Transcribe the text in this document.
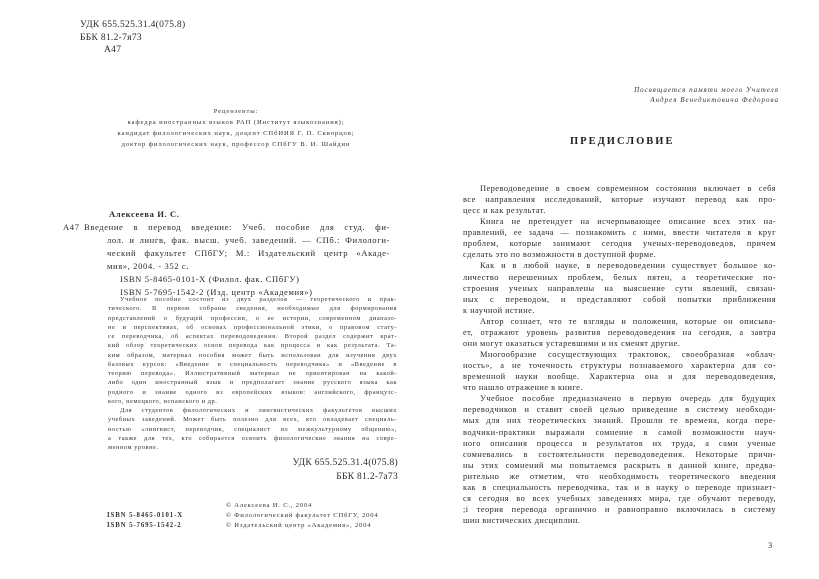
УДК 655.525.31.4(075.8)
ББК 81.2-7я73
А47
Рецензенты:
кафедра иностранных языков РАН (Институт языкознания);
кандидат филологических наук, доцент СПбИИЯ Г. П. Скворцов;
доктор филологических наук, профессор СПбГУ В. И. Шайдин
Алексеева И. С.
А47 Введение в перевод введение: Учеб. пособие для студ. фи-
лол. и лингв, фак. высш. учеб. заведений. — СПб.: Филологи-
ческий факультет СПбГУ; М.: Издательский центр «Акаде-
мия», 2004. - 352 с.
ISBN 5-8465-0101-X (Филол. фак. СПбГУ)
ISBN 5-7695-1542-2 (Изд. центр «Академия»)
Учебное пособие состоит из двух разделов — теоретического и прак-
тического. В первом собраны сведения, необходимые для формирования
представлений о будущей профессии, о ее истории, современном диапазо-
не и перспективах, об основах профессиональной этики, о правовом стату-
се переводчика, об аспектах переводоведения. Второй раздел содержит крат-
кий обзор теоретических основ перевода как процесса и как результата. Та-
ким образом, материал пособия может быть использован для изучения двух
базовых курсов: «Введение в специальность переводчика» и «Введение в
теорию перевода». Иллюстративный материал не ориентирован на какой-
либо один иностранный язык и предполагает знание русского языка как
родного и знание одного из европейских языков: английского, французс-
кого, немецкого, испанского и др.
Для студентов филологических и лингвистических факультетов высших
учебных заведений. Может быть полезно для всех, кто овладевает специаль-
ностью «лингвист, переводчик, специалист по межкультурному общению»,
а также для тех, кто собирается освоить филологические знания на совре-
менном уровне.
УДК 655.525.31.4(075.8)
ББК 81.2-7а73
ISBN 5-8465-0101-X
ISBN 5-7695-1542-2
© Алексеева И. С., 2004
© Филологический факультет СПбГУ, 2004
© Издательский центр «Академия», 2004
Посвящается памяти моего Учителя
Андрея Венедиктовича Федорова
ПРЕДИСЛОВИЕ
Переводоведение в своем современном состоянии включает в себя
все направления исследований, которые изучают перевод как про-
цесс и как результат.
Книга не претендует на исчерпывающее описание всех этих на-
правлений, ее задача — познакомить с ними, ввести читателя в круг
проблем, которые занимают сегодня ученых-переводоведов, причем
сделать это по возможности в доступной форме.
Как и в любой науке, в переводоведении существует большое ко-
личество нерешенных проблем, белых пятен, а теоретические по-
строения ученых направлены на выяснение сути явлений, связан-
ных с переводом, и представляют собой попытки приближения
к научной истине.
Автор сознает, что те взгляды и положения, которые он описыва-
ет, отражают уровень развития переводоведения на сегодня, а завтра
они могут оказаться устаревшими и их сменят другие.
Многообразие сосуществующих трактовок, своеобразная «облач-
ность», а не точечность структуры познаваемого характерна для со-
временной науки вообще. Характерна она и для переводоведения,
что нашло отражение в книге.
Учебное пособие предназначено в первую очередь для будущих
переводчиков и ставит своей целью приведение в систему необходи-
мых для них теоретических знаний. Прошли те времена, когда пере-
водчики-практики выражали сомнение в самой возможности науч-
ного описания процесса и результатов их труда, а сами ученые
сомневались в состоятельности переводоведения. Некоторые причи-
ны этих сомнений мы попытаемся раскрыть в данной книге, предва-
рительно же отметим, что необходимость теоретического введения
как в специальность переводчика, так и в науку о переводе признает-
ся сегодня во всех учебных заведениях мира, где обучают переводу,
;i теория перевода органично и равноправно включилась в систему
шин вистических дисциплин.
3
